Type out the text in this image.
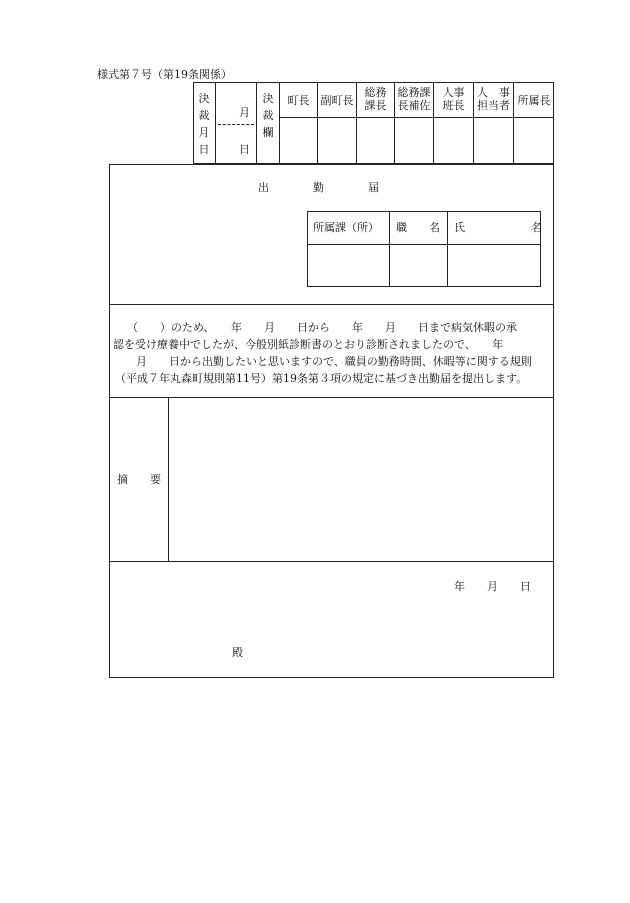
様式第７号（第19条関係）
決裁月日
月
日
決裁欄
町長	副町長
総務
課長
総務課
長補佐
人事
班長
人　事
担当者 所属長
出　　　　勤　　　　届
所属課（所） 職　　名 氏　　　　　　名
（　　）のため、　　年　　月　　日から　　年　　月　　日まで病気休暇の承
認を受け療養中でしたが、今般別紙診断書のとおり診断されましたので、　　年
　月　　日から出勤したいと思いますので、職員の勤務時間、休暇等に関する規則
（平成７年丸森町規則第11号）第19条第３項の規定に基づき出勤届を提出します。
摘　　要
年　　月　　日
殿
